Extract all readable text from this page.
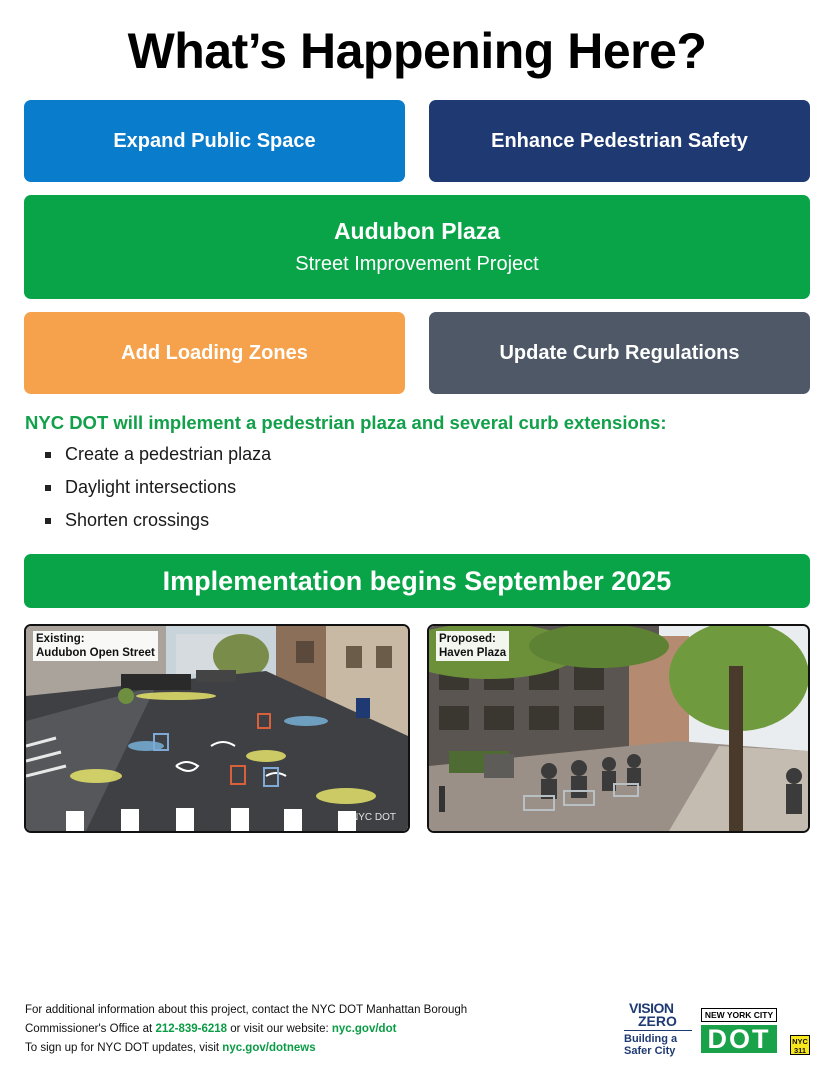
What’s Happening Here?
Expand Public Space	Enhance Pedestrian Safety
Audubon Plaza
Street Improvement Project
Add Loading Zones	Update Curb Regulations
NYC DOT will implement a pedestrian plaza and several curb extensions:
Create a pedestrian plaza
Daylight intersections
Shorten crossings
Implementation begins September 2025
Existing:
Audubon Open Street
©NYC DOT
Proposed:
Haven Plaza
For additional information about this project, contact the NYC DOT Manhattan Borough
Commissioner's Office at 212-839-6218 or visit our website: nyc.gov/dot
To sign up for NYC DOT updates, visit nyc.gov/dotnews
VISION
ZERO
Building a
Safer City
NEW YORK CITY
DOT	NYC
311
